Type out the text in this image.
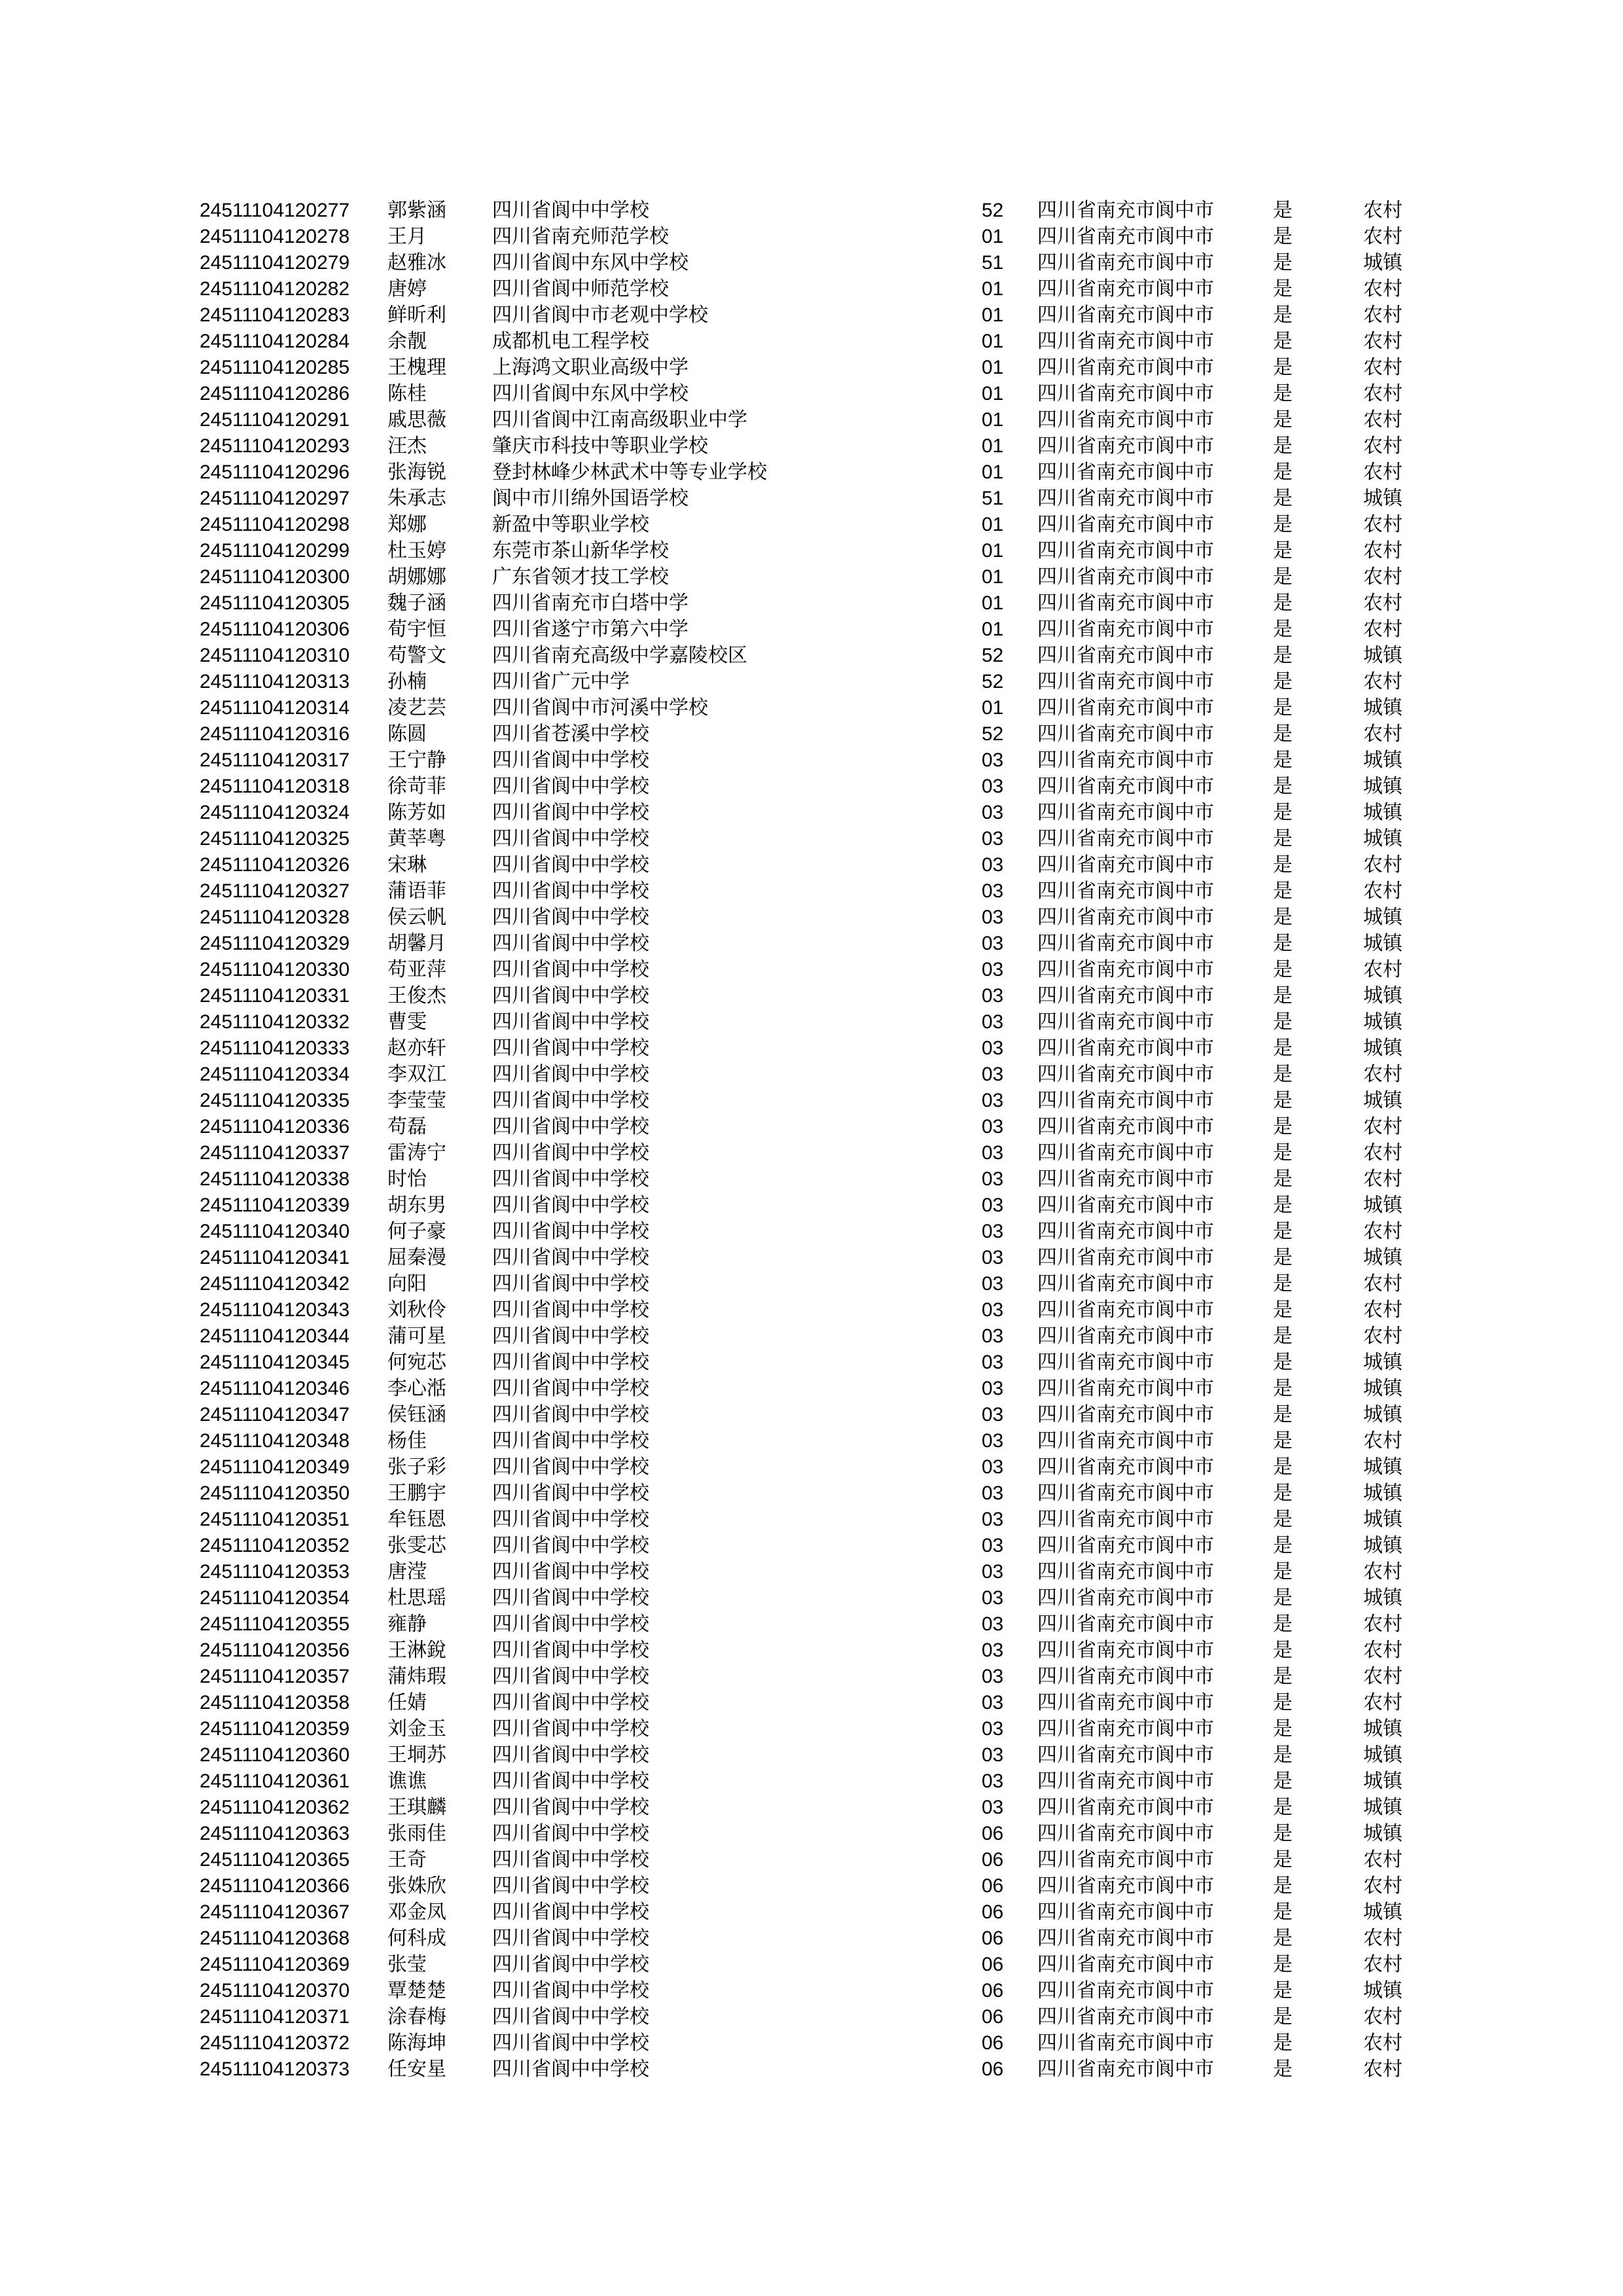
24511104120277 郭紫涵 四川省阆中中学校	52 四川省南充市阆中市	是	农村
24511104120278 王月	四川省南充师范学校	01 四川省南充市阆中市	是	农村
24511104120279 赵雅冰 四川省阆中东风中学校	51 四川省南充市阆中市	是	城镇
24511104120282 唐婷	四川省阆中师范学校	01 四川省南充市阆中市	是	农村
24511104120283 鲜昕利 四川省阆中市老观中学校	01 四川省南充市阆中市	是	农村
24511104120284 余靓	成都机电工程学校	01 四川省南充市阆中市	是	农村
24511104120285 王槐理 上海鸿文职业高级中学	01 四川省南充市阆中市	是	农村
24511104120286 陈桂	四川省阆中东风中学校	01 四川省南充市阆中市	是	农村
24511104120291 戚思薇 四川省阆中江南高级职业中学	01 四川省南充市阆中市	是	农村
24511104120293 汪杰	肇庆市科技中等职业学校	01 四川省南充市阆中市	是	农村
24511104120296 张海锐 登封林峰少林武术中等专业学校	01 四川省南充市阆中市	是	农村
24511104120297 朱承志 阆中市川绵外国语学校	51 四川省南充市阆中市	是	城镇
24511104120298 郑娜	新盈中等职业学校	01 四川省南充市阆中市	是	农村
24511104120299 杜玉婷 东莞市茶山新华学校	01 四川省南充市阆中市	是	农村
24511104120300 胡娜娜 广东省领才技工学校	01 四川省南充市阆中市	是	农村
24511104120305 魏子涵 四川省南充市白塔中学	01 四川省南充市阆中市	是	农村
24511104120306 荀宇恒 四川省遂宁市第六中学	01 四川省南充市阆中市	是	农村
24511104120310 苟警文 四川省南充高级中学嘉陵校区	52 四川省南充市阆中市	是	城镇
24511104120313 孙楠	四川省广元中学	52 四川省南充市阆中市	是	农村
24511104120314 凌艺芸 四川省阆中市河溪中学校	01 四川省南充市阆中市	是	城镇
24511104120316 陈圆	四川省苍溪中学校	52 四川省南充市阆中市	是	农村
24511104120317 王宁静 四川省阆中中学校	03 四川省南充市阆中市	是	城镇
24511104120318 徐苛菲 四川省阆中中学校	03 四川省南充市阆中市	是	城镇
24511104120324 陈芳如 四川省阆中中学校	03 四川省南充市阆中市	是	城镇
24511104120325 黄莘粤 四川省阆中中学校	03 四川省南充市阆中市	是	城镇
24511104120326 宋琳	四川省阆中中学校	03 四川省南充市阆中市	是	农村
24511104120327 蒲语菲 四川省阆中中学校	03 四川省南充市阆中市	是	农村
24511104120328 侯云帆 四川省阆中中学校	03 四川省南充市阆中市	是	城镇
24511104120329 胡馨月 四川省阆中中学校	03 四川省南充市阆中市	是	城镇
24511104120330 苟亚萍 四川省阆中中学校	03 四川省南充市阆中市	是	农村
24511104120331 王俊杰 四川省阆中中学校	03 四川省南充市阆中市	是	城镇
24511104120332 曹雯	四川省阆中中学校	03 四川省南充市阆中市	是	城镇
24511104120333 赵亦轩 四川省阆中中学校	03 四川省南充市阆中市	是	城镇
24511104120334 李双江 四川省阆中中学校	03 四川省南充市阆中市	是	农村
24511104120335 李莹莹 四川省阆中中学校	03 四川省南充市阆中市	是	城镇
24511104120336 苟磊	四川省阆中中学校	03 四川省南充市阆中市	是	农村
24511104120337 雷涛宁 四川省阆中中学校	03 四川省南充市阆中市	是	农村
24511104120338 时怡	四川省阆中中学校	03 四川省南充市阆中市	是	农村
24511104120339 胡东男 四川省阆中中学校	03 四川省南充市阆中市	是	城镇
24511104120340 何子豪 四川省阆中中学校	03 四川省南充市阆中市	是	农村
24511104120341 屈秦漫 四川省阆中中学校	03 四川省南充市阆中市	是	城镇
24511104120342 向阳	四川省阆中中学校	03 四川省南充市阆中市	是	农村
24511104120343 刘秋伶 四川省阆中中学校	03 四川省南充市阆中市	是	农村
24511104120344 蒲可星 四川省阆中中学校	03 四川省南充市阆中市	是	农村
24511104120345 何宛芯 四川省阆中中学校	03 四川省南充市阆中市	是	城镇
24511104120346 李心湉 四川省阆中中学校	03 四川省南充市阆中市	是	城镇
24511104120347 侯钰涵 四川省阆中中学校	03 四川省南充市阆中市	是	城镇
24511104120348 杨佳	四川省阆中中学校	03 四川省南充市阆中市	是	农村
24511104120349 张子彩 四川省阆中中学校	03 四川省南充市阆中市	是	城镇
24511104120350 王鹏宇 四川省阆中中学校	03 四川省南充市阆中市	是	城镇
24511104120351 牟钰恩 四川省阆中中学校	03 四川省南充市阆中市	是	城镇
24511104120352 张雯芯 四川省阆中中学校	03 四川省南充市阆中市	是	城镇
24511104120353 唐滢	四川省阆中中学校	03 四川省南充市阆中市	是	农村
24511104120354 杜思瑶 四川省阆中中学校	03 四川省南充市阆中市	是	城镇
24511104120355 雍静	四川省阆中中学校	03 四川省南充市阆中市	是	农村
24511104120356 王淋銳 四川省阆中中学校	03 四川省南充市阆中市	是	农村
24511104120357 蒲炜瑕 四川省阆中中学校	03 四川省南充市阆中市	是	农村
24511104120358 任婧	四川省阆中中学校	03 四川省南充市阆中市	是	农村
24511104120359 刘金玉 四川省阆中中学校	03 四川省南充市阆中市	是	城镇
24511104120360 王垌苏 四川省阆中中学校	03 四川省南充市阆中市	是	城镇
24511104120361 谯谯	四川省阆中中学校	03 四川省南充市阆中市	是	城镇
24511104120362 王琪麟 四川省阆中中学校	03 四川省南充市阆中市	是	城镇
24511104120363 张雨佳 四川省阆中中学校	06 四川省南充市阆中市	是	城镇
24511104120365 王奇	四川省阆中中学校	06 四川省南充市阆中市	是	农村
24511104120366 张姝欣 四川省阆中中学校	06 四川省南充市阆中市	是	农村
24511104120367 邓金凤 四川省阆中中学校	06 四川省南充市阆中市	是	城镇
24511104120368 何科成 四川省阆中中学校	06 四川省南充市阆中市	是	农村
24511104120369 张莹	四川省阆中中学校	06 四川省南充市阆中市	是	农村
24511104120370 覃楚楚 四川省阆中中学校	06 四川省南充市阆中市	是	城镇
24511104120371 涂春梅 四川省阆中中学校	06 四川省南充市阆中市	是	农村
24511104120372 陈海坤 四川省阆中中学校	06 四川省南充市阆中市	是	农村
24511104120373 任安星 四川省阆中中学校	06 四川省南充市阆中市	是	农村
